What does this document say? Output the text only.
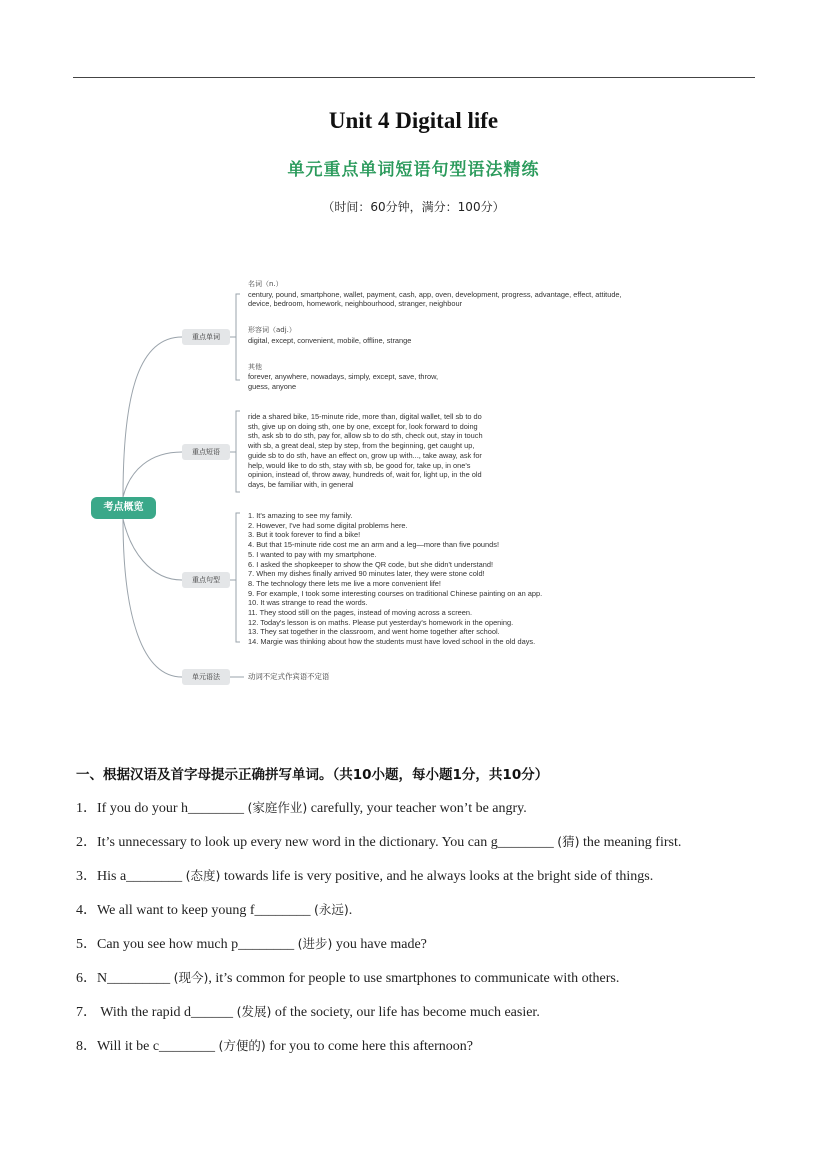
Unit 4 Digital life
单元重点单词短语句型语法精练
（时间：60分钟，满分：100分）
考点概览
重点单词
重点短语
重点句型
单元语法
名词（n.）
century, pound, smartphone, wallet, payment, cash, app, oven, development, progress, advantage, effect, attitude,
device, bedroom, homework, neighbourhood, stranger, neighbour
形容词（adj.）
digital, except, convenient, mobile, offline, strange
其他
forever, anywhere, nowadays, simply, except, save, throw,
guess, anyone
ride a shared bike, 15-minute ride, more than, digital wallet, tell sb to do
sth, give up on doing sth, one by one, except for, look forward to doing
sth, ask sb to do sth, pay for, allow sb to do sth, check out, stay in touch
with sb, a great deal, step by step, from the beginning, get caught up,
guide sb to do sth, have an effect on, grow up with..., take away, ask for
help, would like to do sth, stay with sb, be good for, take up, in one's
opinion, instead of, throw away, hundreds of, wait for, light up, in the old
days, be familiar with, in general
1. It's amazing to see my family.
2. However, I've had some digital problems here.
3. But it took forever to find a bike!
4. But that 15-minute ride cost me an arm and a leg—more than five pounds!
5. I wanted to pay with my smartphone.
6. I asked the shopkeeper to show the QR code, but she didn't understand!
7. When my dishes finally arrived 90 minutes later, they were stone cold!
8. The technology there lets me live a more convenient life!
9. For example, I took some interesting courses on traditional Chinese painting on an app.
10. It was strange to read the words.
11. They stood still on the pages, instead of moving across a screen.
12. Today's lesson is on maths. Please put yesterday's homework in the opening.
13. They sat together in the classroom, and went home together after school.
14. Margie was thinking about how the students must have loved school in the old days.
动词不定式作宾语不定语
一、根据汉语及首字母提示正确拼写单词。（共10小题，每小题1分，共10分）
1．If you do your h________ (家庭作业) carefully, your teacher won’t be angry.
2．It’s unnecessary to look up every new word in the dictionary. You can g________ (猜) the meaning first.
3．His a________ (态度) towards life is very positive, and he always looks at the bright side of things.
4．We all want to keep young f________ (永远).
5．Can you see how much p________ (进步) you have made?
6．N_________ (现今), it’s common for people to use smartphones to communicate with others.
7． With the rapid d______ (发展) of the society, our life has become much easier.
8．Will it be c________ (方便的) for you to come here this afternoon?
